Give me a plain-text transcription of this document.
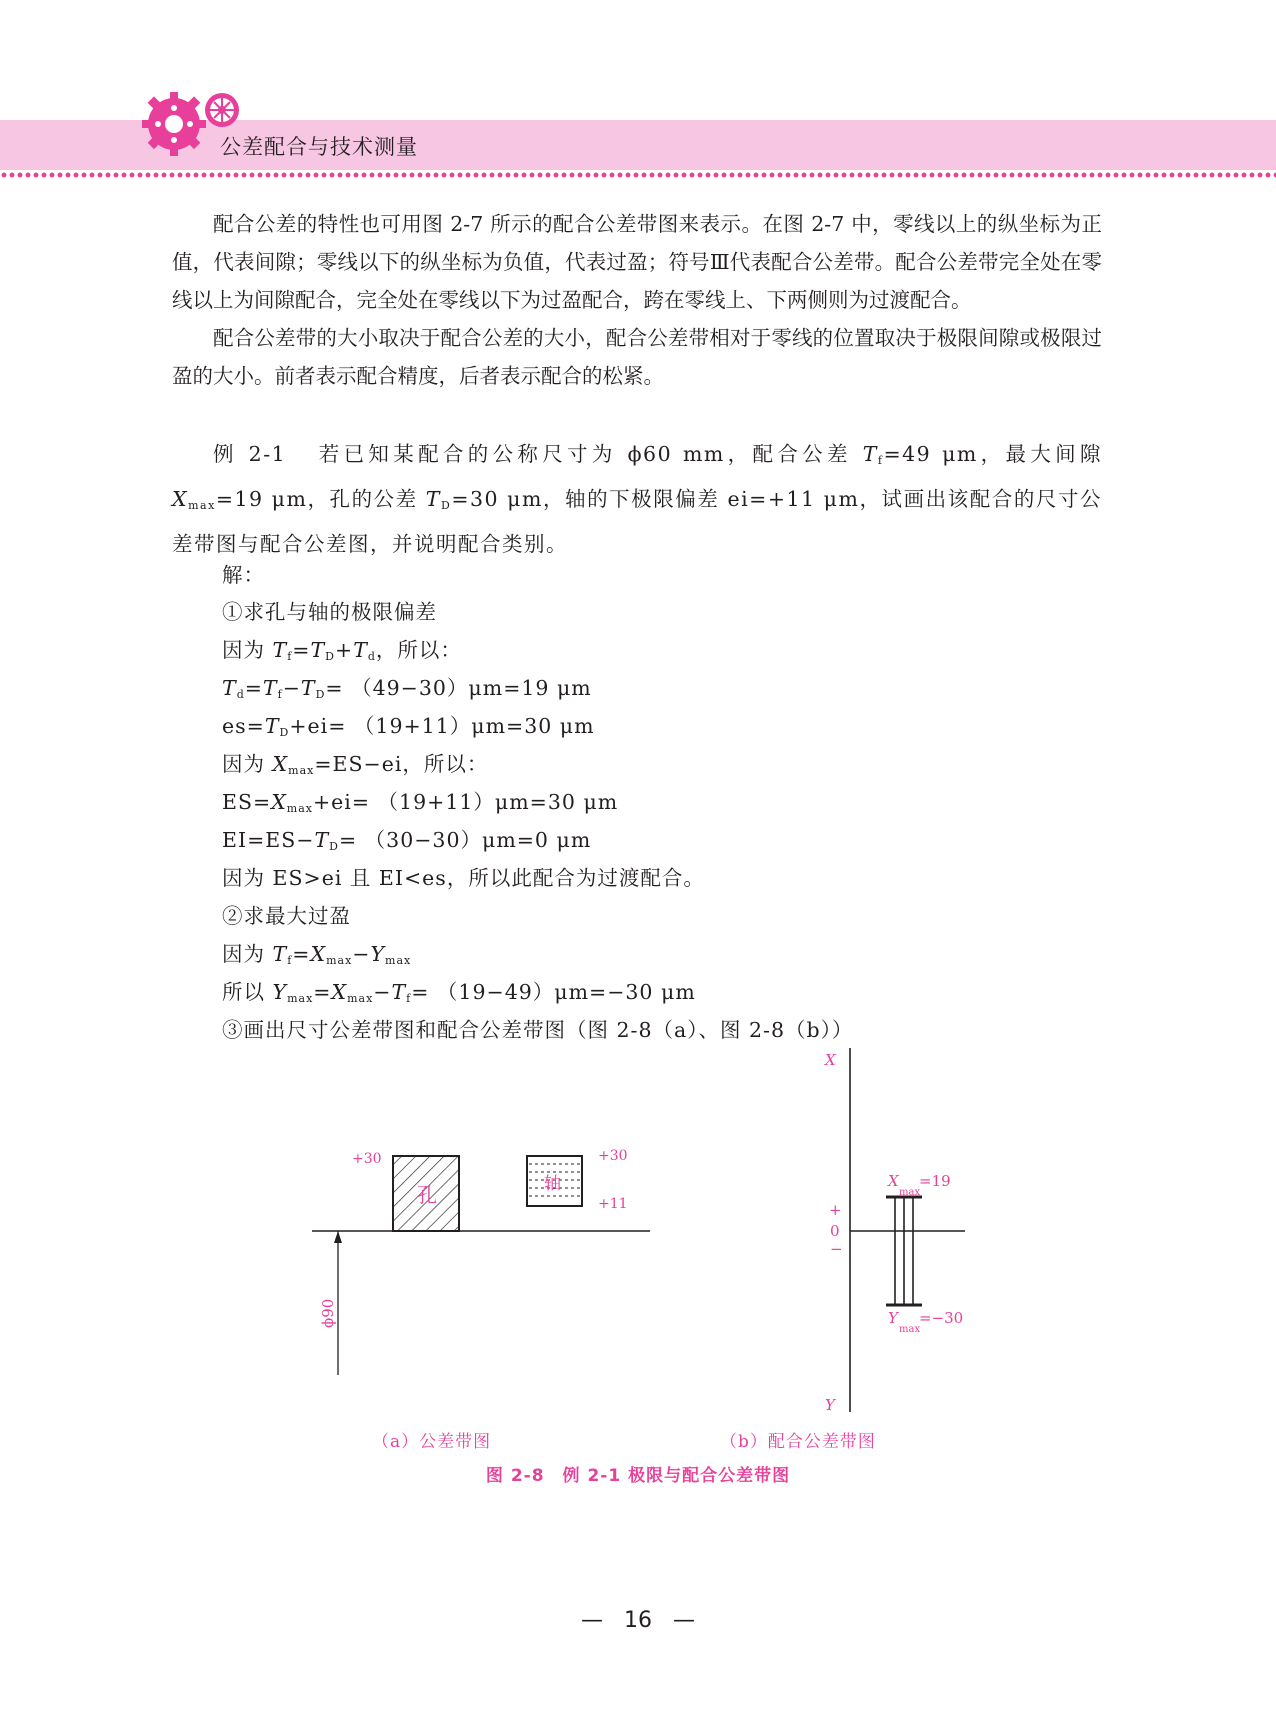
公差配合与技术测量

配合公差的特性也可用图 2-7 所示的配合公差带图来表示。在图 2-7 中，零线以上的纵坐标为正值，代表间隙；零线以下的纵坐标为负值，代表过盈；符号Ⅲ代表配合公差带。配合公差带完全处在零线以上为间隙配合，完全处在零线以下为过盈配合，跨在零线上、下两侧则为过渡配合。

配合公差带的大小取决于配合公差的大小，配合公差带相对于零线的位置取决于极限间隙或极限过盈的大小。前者表示配合精度，后者表示配合的松紧。

例 2-1 若已知某配合的公称尺寸为 ϕ60 mm，配合公差 $T_f=49$ μm，最大间隙 $X_{max}=19$ μm，孔的公差 $T_D=30$ μm，轴的下极限偏差 ei=+11 μm，试画出该配合的尺寸公差带图与配合公差图，并说明配合类别。

解：
①求孔与轴的极限偏差
因为 $T_f=T_D+T_d$，所以：
$T_d=T_f-T_D= (49-30)\mu m=19$ μm
$es=T_D+ei= (19+11)\mu m=30$ μm
因为 $X_{max}=ES-ei$，所以：
$ES=X_{max}+ei= (19+11)\mu m=30$ μm
$EI=ES-T_D= (30-30)\mu m=0$ μm
因为 ES>ei 且 EI<es，所以此配合为过渡配合。
②求最大过盈
因为 $T_f=X_{max}-Y_{max}$
所以 $Y_{max}=X_{max}-T_f= (19-49)\mu m=-30$ μm
③画出尺寸公差带图和配合公差带图（图 2-8（a）、图 2-8（b））
+30
孔	轴
+30
+11
ϕ90
X
Y
+
0
−
X
max
=19
Y
max
=−30
（a）公差带图	（b）配合公差带图
图 2-8　例 2-1 极限与配合公差带图
— 16 —
